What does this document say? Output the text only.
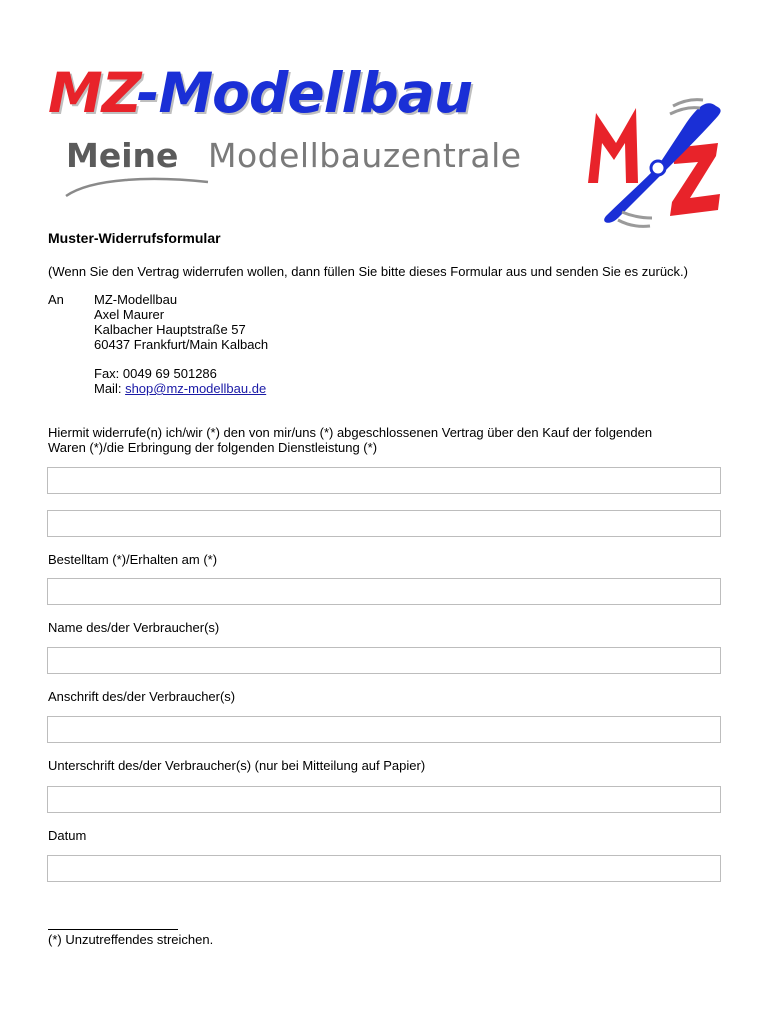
MZ-Modellbau
Meine Modellbauzentrale
Muster-Widerrufsformular
(Wenn Sie den Vertrag widerrufen wollen, dann füllen Sie bitte dieses Formular aus und senden Sie es zurück.)
An MZ-Modellbau
Axel Maurer
Kalbacher Hauptstraße 57
60437 Frankfurt/Main Kalbach
Fax: 0049 69 501286
Mail: shop@mz-modellbau.de
Hiermit widerrufe(n) ich/wir (*) den von mir/uns (*) abgeschlossenen Vertrag über den Kauf der folgenden
Waren (*)/die Erbringung der folgenden Dienstleistung (*)
Bestelltam (*)/Erhalten am (*)
Name des/der Verbraucher(s)
Anschrift des/der Verbraucher(s)
Unterschrift des/der Verbraucher(s) (nur bei Mitteilung auf Papier)
Datum
(*) Unzutreffendes streichen.
